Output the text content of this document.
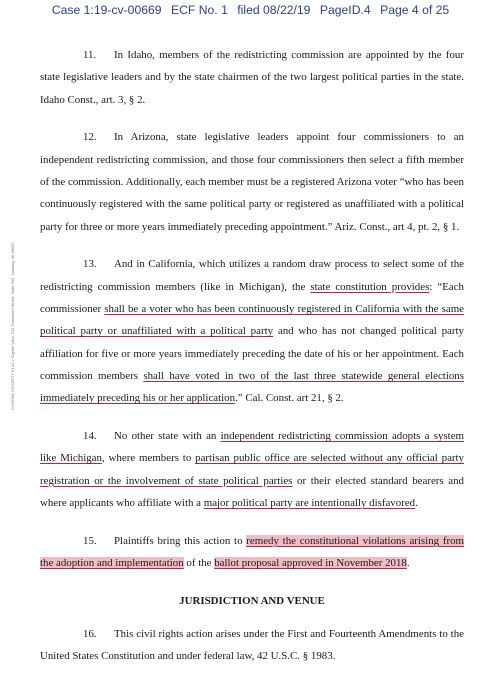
Case 1:19-cv-00669 ECF No. 1 filed 08/22/19 PageID.4 Page 4 of 25
DYKEMA GOSSETT PLLC • Capitol View, 201 Townsend Street, Suite 900, Lansing, MI 48933

11. In Idaho, members of the redistricting commission are appointed by the four state legislative leaders and by the state chairmen of the two largest political parties in the state. Idaho Const., art. 3, § 2.

12. In Arizona, state legislative leaders appoint four commissioners to an independent redistricting commission, and those four commissioners then select a fifth member of the commission. Additionally, each member must be a registered Arizona voter “who has been continuously registered with the same political party or registered as unaffiliated with a political party for three or more years immediately preceding appointment.” Ariz. Const., art 4, pt. 2, § 1.

13. And in California, which utilizes a random draw process to select some of the redistricting commission members (like in Michigan), the state constitution provides: “Each commissioner shall be a voter who has been continuously registered in California with the same political party or unaffiliated with a political party and who has not changed political party affiliation for five or more years immediately preceding the date of his or her appointment. Each commission members shall have voted in two of the last three statewide general elections immediately preceding his or her application.” Cal. Const. art 21, § 2.

14. No other state with an independent redistricting commission adopts a system like Michigan, where members to partisan public office are selected without any official party registration or the involvement of state political parties or their elected standard bearers and where applicants who affiliate with a major political party are intentionally disfavored.

15. Plaintiffs bring this action to remedy the constitutional violations arising from the adoption and implementation of the ballot proposal approved in November 2018.

JURISDICTION AND VENUE

16. This civil rights action arises under the First and Fourteenth Amendments to the United States Constitution and under federal law, 42 U.S.C. § 1983.
